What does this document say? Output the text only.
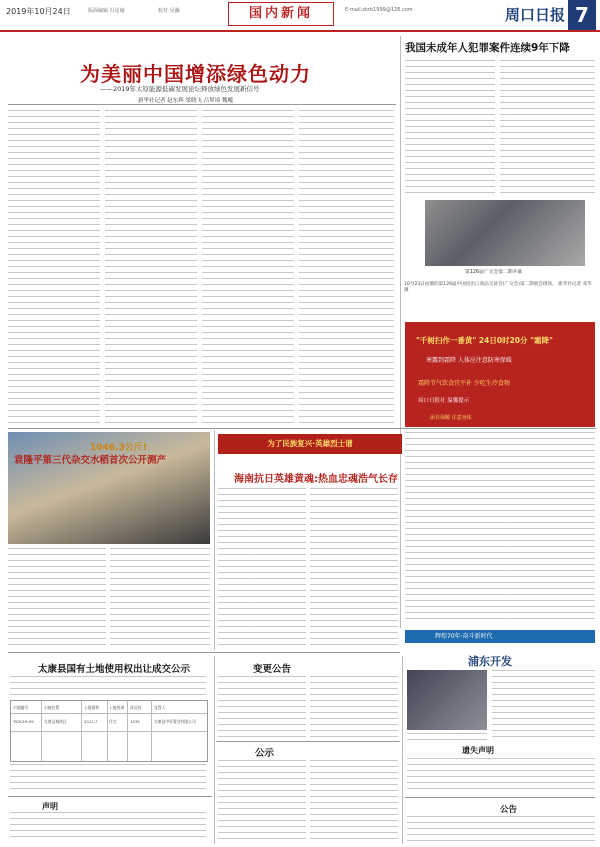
2019年10月24日	版面编辑 冯星瑜	校对 吴瀚	国内新闻	E-mail:zkrb1999@126.com	周口日报 7
为美丽中国增添绿色动力
——2019年太原能源低碳发展论坛释放绿色发展新信号
新华社记者 赵东辉 梁晓飞 吕梦琦 魏飚
我国未成年人犯罪案件连续9年下降
第126届广交会第二期开幕
10月23日拍摄的第126届中国进出口商品交易会(广交会)第二期展会现场。 新华社记者 邓华摄
"千树扫作一番黄" 24日0时20分 "霜降"
寒露到霜降 人体应注意防寒保暖
霜降节气饮食宜平补 少吃生冷食物
周口日报社 温馨提示
添衣保暖 注意身体
1046.3公斤!
袁隆平第三代杂交水稻首次公开测产
为了民族复兴·英雄烈士谱
海南抗日英雄黄魂:热血忠魂浩气长存
辉煌70年·奋斗新时代
浦东开发
太康县国有土地使用权出让成交公示
宗地编号	宗地位置	土地面积	土地用途 成交价	竞得人
TK2019-09	太康县城南区	2013.7	住宅	1535	太康县中环置业有限公司
声明
变更公告
公示	遗失声明
公告
